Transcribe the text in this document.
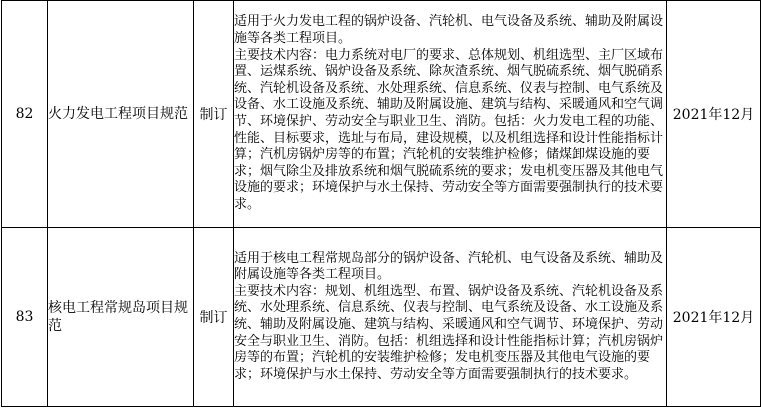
82	火力发电工程项目规范	制订	适用于火力发电工程的锅炉设备、汽轮机、电气设备及系统、辅助及附属设施等各类工程项目。

主要技术内容：电力系统对电厂的要求、总体规划、机组选型、主厂区域布置、运煤系统、锅炉设备及系统、除灰渣系统、烟气脱硫系统、烟气脱硝系统、汽轮机设备及系统、水处理系统、信息系统、仪表与控制、电气系统及设备、水工设施及系统、辅助及附属设施、建筑与结构、采暖通风和空气调节、环境保护、劳动安全与职业卫生、消防。包括：火力发电工程的功能、性能、目标要求，选址与布局，建设规模，以及机组选择和设计性能指标计算；汽机房锅炉房等的布置；汽轮机的安装维护检修；储煤卸煤设施的要求；烟气除尘及排放系统和烟气脱硫系统的要求；发电机变压器及其他电气设施的要求；环境保护与水土保持、劳动安全等方面需要强制执行的技术要求。	2021年12月
83	核电工程常规岛项目规范	制订	适用于核电工程常规岛部分的锅炉设备、汽轮机、电气设备及系统、辅助及附属设施等各类工程项目。

主要技术内容：规划、机组选型、布置、锅炉设备及系统、汽轮机设备及系统、水处理系统、信息系统、仪表与控制、电气系统及设备、水工设施及系统、辅助及附属设施、建筑与结构、采暖通风和空气调节、环境保护、劳动安全与职业卫生、消防。包括：机组选择和设计性能指标计算；汽机房锅炉房等的布置；汽轮机的安装维护检修；发电机变压器及其他电气设施的要求；环境保护与水土保持、劳动安全等方面需要强制执行的技术要求。	2021年12月
